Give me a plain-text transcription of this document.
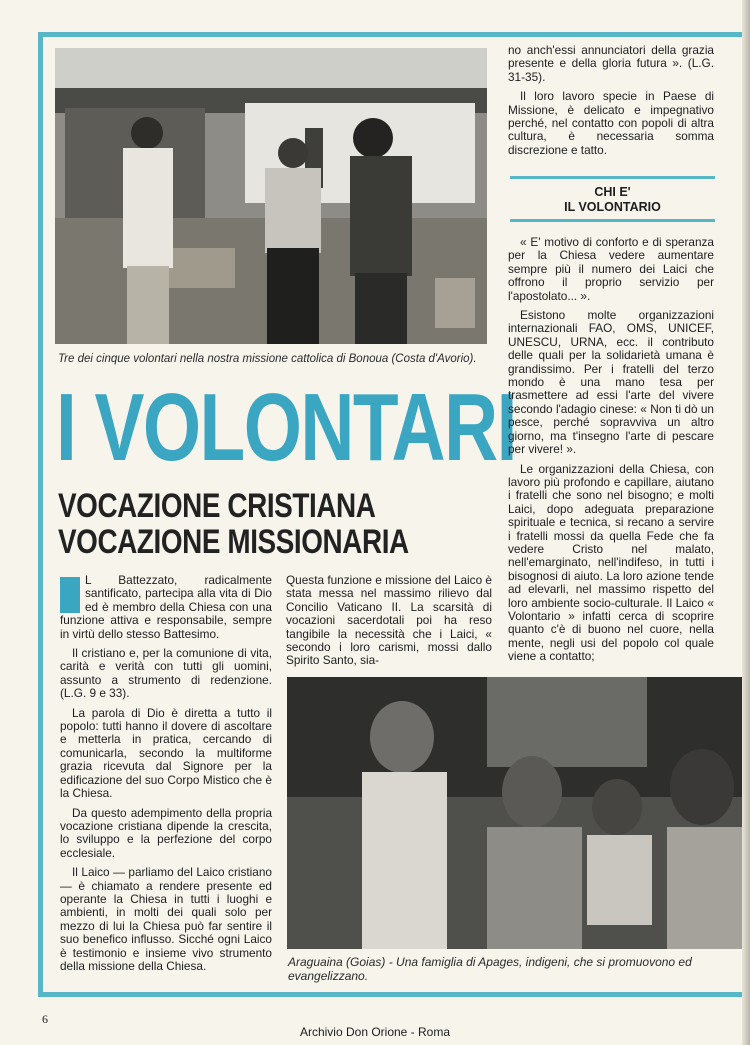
Tre dei cinque volontari nella nostra missione cattolica di Bonoua (Costa d'Avorio).
I VOLONTARI
VOCAZIONE CRISTIANA
VOCAZIONE MISSIONARIA

L Battezzato, radicalmente santificato, partecipa alla vita di Dio ed è membro della Chiesa con una funzione attiva e responsabile, sempre in virtù dello stesso Battesimo.

Il cristiano e, per la comunione di vita, carità e verità con tutti gli uomini, assunto a strumento di redenzione. (L.G. 9 e 33).

La parola di Dio è diretta a tutto il popolo: tutti hanno il dovere di ascoltare e metterla in pratica, cercando di comunicarla, secondo la multiforme grazia ricevuta dal Signore per la edificazione del suo Corpo Mistico che è la Chiesa.

Da questo adempimento della propria vocazione cristiana dipende la crescita, lo sviluppo e la perfezione del corpo ecclesiale.

Il Laico — parliamo del Laico cristiano — è chiamato a rendere presente ed operante la Chiesa in tutti i luoghi e ambienti, in molti dei quali solo per mezzo di lui la Chiesa può far sentire il suo benefico influsso. Sicché ogni Laico è testimonio e insieme vivo strumento della missione della Chiesa.

Questa funzione e missione del Laico è stata messa nel massimo rilievo dal Concilio Vaticano II. La scarsità di vocazioni sacerdotali poi ha reso tangibile la necessità che i Laici, « secondo i loro carismi, mossi dallo Spirito Santo, sia-

no anch'essi annunciatori della grazia presente e della gloria futura ». (L.G. 31-35).

Il loro lavoro specie in Paese di Missione, è delicato e impegnativo perché, nel contatto con popoli di altra cultura, è necessaria somma discrezione e tatto.

CHI E'
IL VOLONTARIO

« E' motivo di conforto e di speranza per la Chiesa vedere aumentare sempre più il numero dei Laici che offrono il proprio servizio per l'apostolato... ».

Esistono molte organizzazioni internazionali FAO, OMS, UNICEF, UNESCU, URNA, ecc. il contributo delle quali per la solidarietà umana è grandissimo. Per i fratelli del terzo mondo è una mano tesa per trasmettere ad essi l'arte del vivere secondo l'adagio cinese: « Non ti dò un pesce, perché sopravviva un altro giorno, ma t'insegno l'arte di pescare per vivere! ».

Le organizzazioni della Chiesa, con lavoro più profondo e capillare, aiutano i fratelli che sono nel bisogno; e molti Laici, dopo adeguata preparazione spirituale e tecnica, si recano a servire i fratelli mossi da quella Fede che fa vedere Cristo nel malato, nell'emarginato, nell'indifeso, in tutti i bisognosi di aiuto. La loro azione tende ad elevarli, nel massimo rispetto del loro ambiente socio-culturale. Il Laico « Volontario » infatti cerca di scoprire quanto c'è di buono nel cuore, nella mente, negli usi del popolo col quale viene a contatto;

Araguaina (Goias) - Una famiglia di Apages, indigeni, che si promuovono ed evangelizzano.
6
Archivio Don Orione - Roma
